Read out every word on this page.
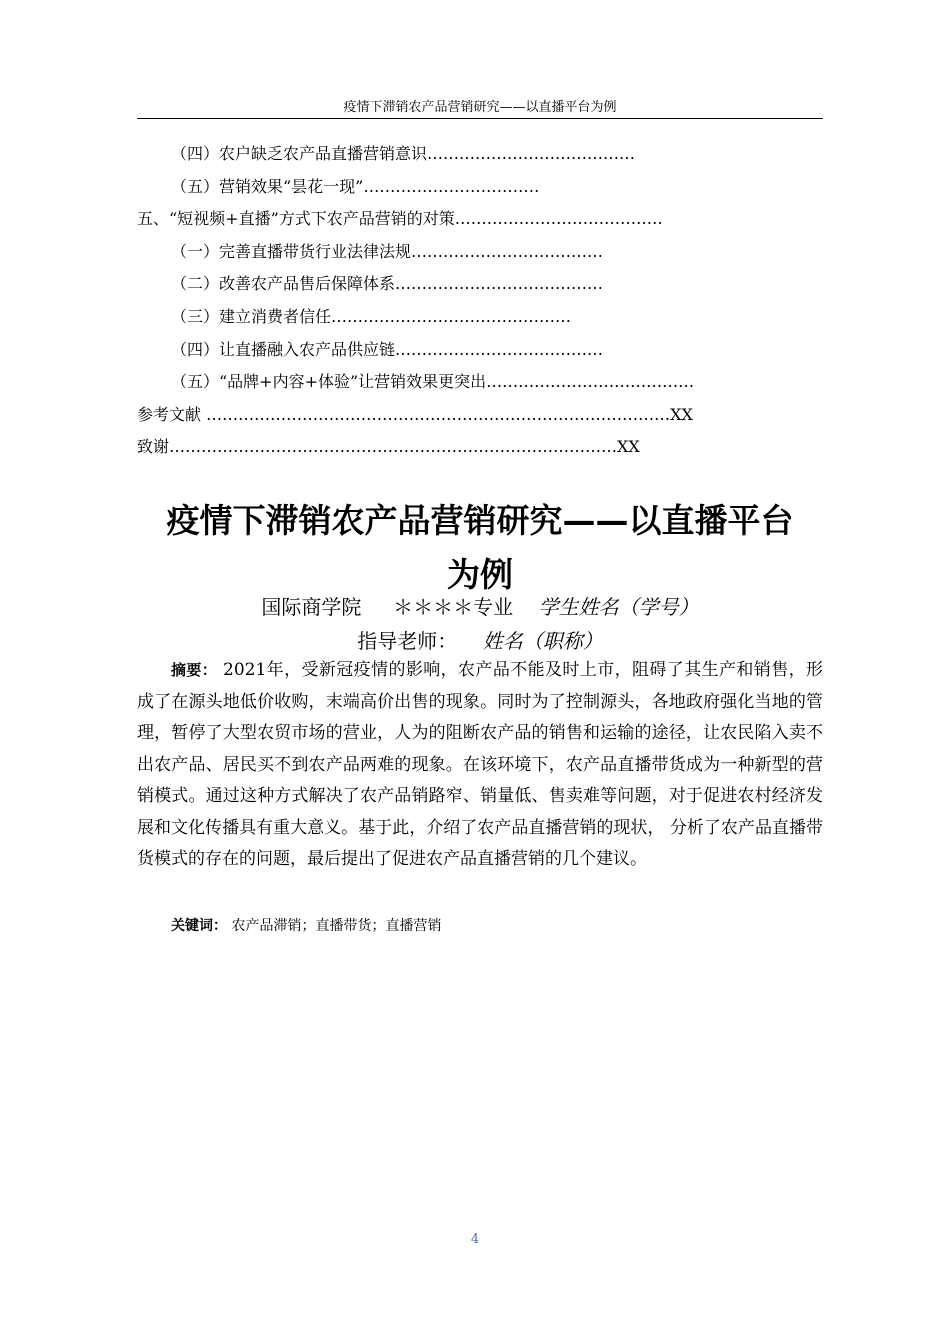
疫情下滞销农产品营销研究——以直播平台为例
（四）农户缺乏农产品直播营销意识…………………………………
（五）营销效果“昙花一现”……………………………
五、“短视频+直播”方式下农产品营销的对策…………………………………
（一）完善直播带货行业法律法规………………………………
（二）改善农产品售后保障体系…………………………………
（三）建立消费者信任………………………………………
（四）让直播融入农产品供应链…………………………………
（五）“品牌+内容+体验”让营销效果更突出…………………………………
参考文献 ……………………………………………………………………………XX
致谢…………………………………………………………………………XX
疫情下滞销农产品营销研究——以直播平台
为例
国际商学院 ＊＊＊＊专业 学生姓名（学号）
指导老师： 姓名（职称）
摘要： 2021年，受新冠疫情的影响，农产品不能及时上市，阻碍了其生产和销售，形成了在源头地低价收购，末端高价出售的现象。同时为了控制源头，各地政府强化当地的管理，暂停了大型农贸市场的营业，人为的阻断农产品的销售和运输的途径，让农民陷入卖不出农产品、居民买不到农产品两难的现象。在该环境下，农产品直播带货成为一种新型的营销模式。通过这种方式解决了农产品销路窄、销量低、售卖难等问题，对于促进农村经济发展和文化传播具有重大意义。基于此，介绍了农产品直播营销的现状， 分析了农产品直播带货模式的存在的问题，最后提出了促进农产品直播营销的几个建议。
关键词： 农产品滞销；直播带货；直播营销
4
